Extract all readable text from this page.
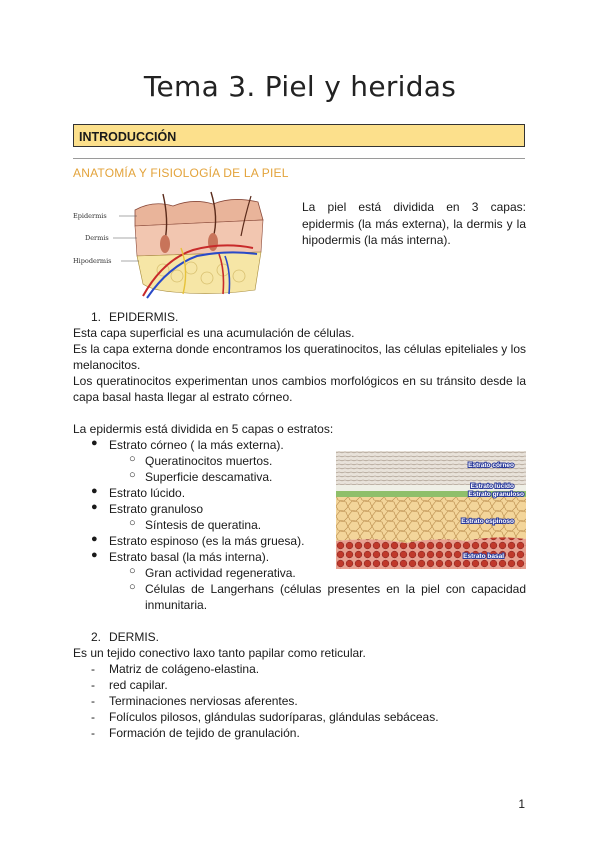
Tema 3. Piel y heridas
INTRODUCCIÓN
ANATOMÍA Y FISIOLOGÍA DE LA PIEL
Epidermis
Dermis
Hipodermis
La piel está dividida en 3 capas: epidermis (la más externa), la dermis y la hipodermis (la más interna).
1. EPIDERMIS.
Esta capa superficial es una acumulación de células.
Es la capa externa donde encontramos los queratinocitos, las células epiteliales y los melanocitos.
Los queratinocitos experimentan unos cambios morfológicos en su tránsito desde la capa basal hasta llegar al estrato córneo.
La epidermis está dividida en 5 capas o estratos:
● Estrato córneo ( la más externa).
○ Queratinocitos muertos.
○ Superficie descamativa.
● Estrato lúcido.
● Estrato granuloso
○ Síntesis de queratina.
● Estrato espinoso (es la más gruesa).
● Estrato basal (la más interna).
○ Gran actividad regenerativa.
○ Células de Langerhans (células presentes en la piel con capacidad inmunitaria.
Estrato córneo
Estrato lúcido
Estrato granuloso
Estrato espinoso
Estrato basal
2. DERMIS.
Es un tejido conectivo laxo tanto papilar como reticular.
- Matriz de colágeno-elastina.
- red capilar.
- Terminaciones nerviosas aferentes.
- Folículos pilosos, glándulas sudoríparas, glándulas sebáceas.
- Formación de tejido de granulación.
1
